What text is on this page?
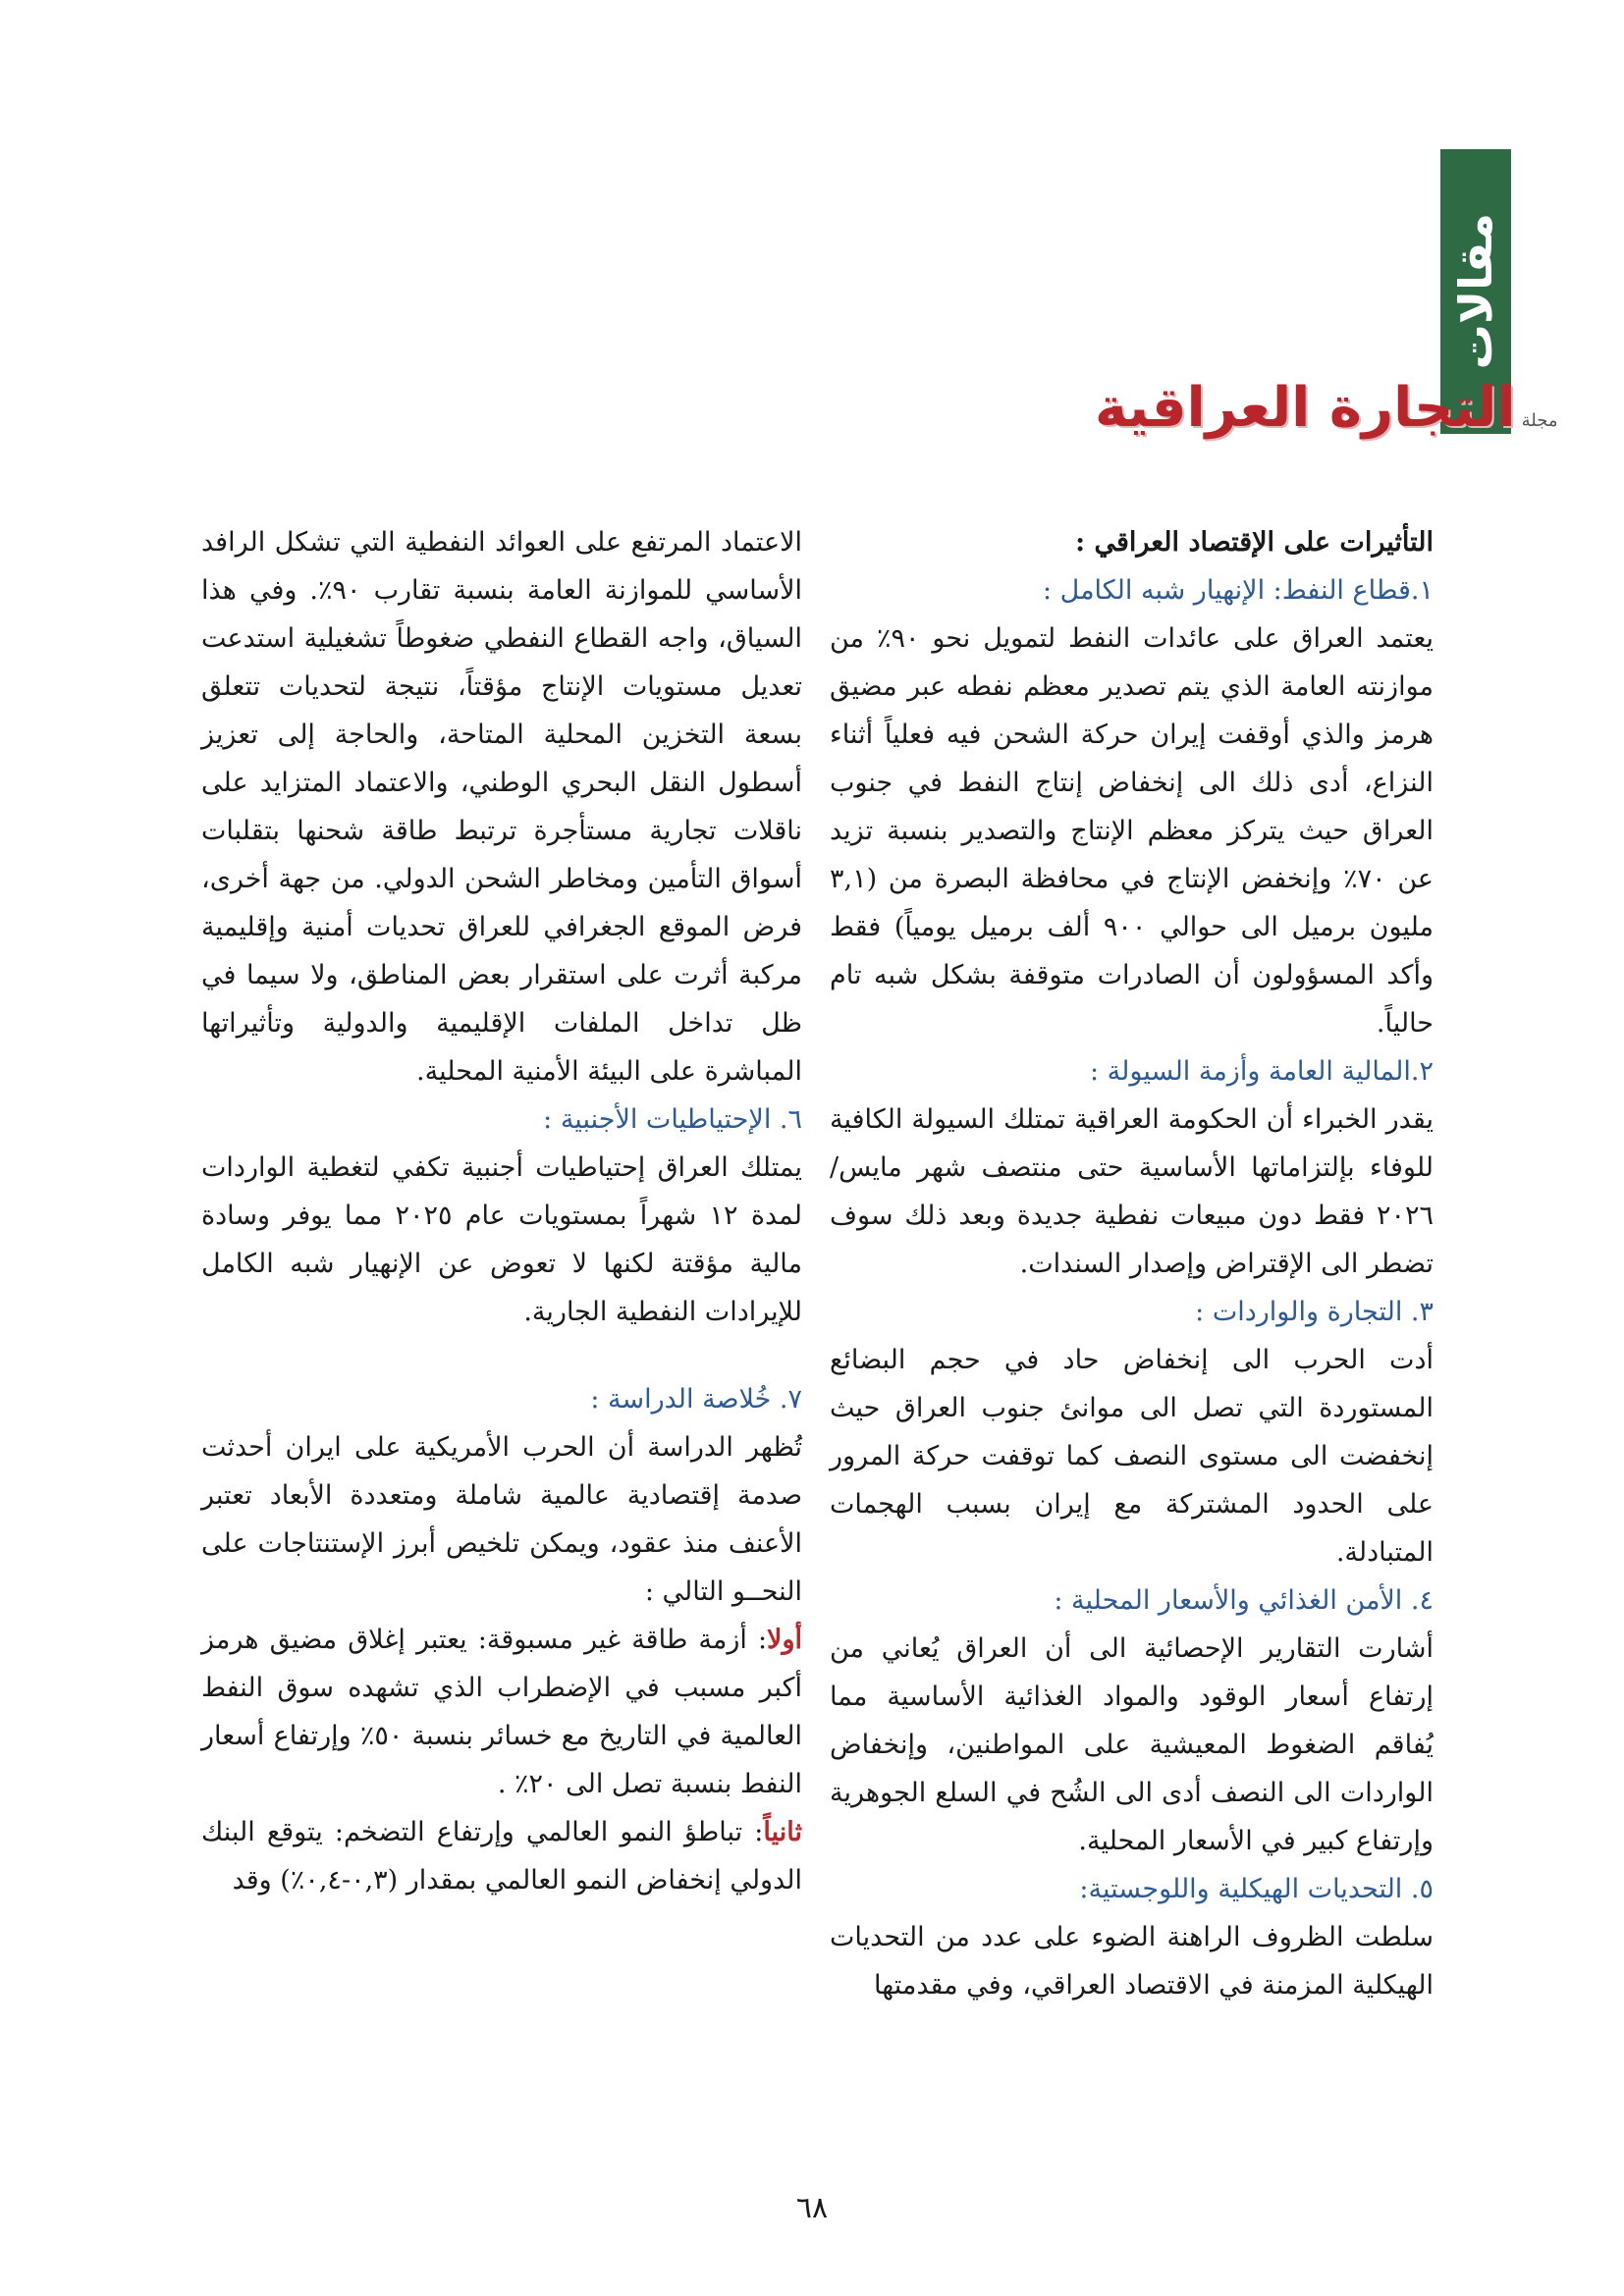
مقالات
مجلة
التجارة العراقية

التأثيرات على الإقتصاد العراقي :

١.قطاع النفط: الإنهيار شبه الكامل :

يعتمد العراق على عائدات النفط لتمويل نحو ٩٠٪ من موازنته العامة الذي يتم تصدير معظم نفطه عبر مضيق هرمز والذي أوقفت إيران حركة الشحن فيه فعلياً أثناء النزاع، أدى ذلك الى إنخفاض إنتاج النفط في جنوب العراق حيث يتركز معظم الإنتاج والتصدير بنسبة تزيد عن ٧٠٪ وإنخفض الإنتاج في محافظة البصرة من (٣,١ مليون برميل الى حوالي ٩٠٠ ألف برميل يومياً) فقط وأكد المسؤولون أن الصادرات متوقفة بشكل شبه تام حالياً.

٢.المالية العامة وأزمة السيولة :

يقدر الخبراء أن الحكومة العراقية تمتلك السيولة الكافية للوفاء بإلتزاماتها الأساسية حتى منتصف شهر مايس/٢٠٢٦ فقط دون مبيعات نفطية جديدة وبعد ذلك سوف تضطر الى الإقتراض وإصدار السندات.

٣. التجارة والواردات :

أدت الحرب الى إنخفاض حاد في حجم البضائع المستوردة التي تصل الى موانئ جنوب العراق حيث إنخفضت الى مستوى النصف كما توقفت حركة المرور على الحدود المشتركة مع إيران بسبب الهجمات المتبادلة.

٤. الأمن الغذائي والأسعار المحلية :

أشارت التقارير الإحصائية الى أن العراق يُعاني من إرتفاع أسعار الوقود والمواد الغذائية الأساسية مما يُفاقم الضغوط المعيشية على المواطنين، وإنخفاض الواردات الى النصف أدى الى الشُح في السلع الجوهرية وإرتفاع كبير في الأسعار المحلية.

٥. التحديات الهيكلية واللوجستية:

سلطت الظروف الراهنة الضوء على عدد من التحديات الهيكلية المزمنة في الاقتصاد العراقي، وفي مقدمتها

الاعتماد المرتفع على العوائد النفطية التي تشكل الرافد الأساسي للموازنة العامة بنسبة تقارب ٩٠٪. وفي هذا السياق، واجه القطاع النفطي ضغوطاً تشغيلية استدعت تعديل مستويات الإنتاج مؤقتاً، نتيجة لتحديات تتعلق بسعة التخزين المحلية المتاحة، والحاجة إلى تعزيز أسطول النقل البحري الوطني، والاعتماد المتزايد على ناقلات تجارية مستأجرة ترتبط طاقة شحنها بتقلبات أسواق التأمين ومخاطر الشحن الدولي. من جهة أخرى، فرض الموقع الجغرافي للعراق تحديات أمنية وإقليمية مركبة أثرت على استقرار بعض المناطق، ولا سيما في ظل تداخل الملفات الإقليمية والدولية وتأثيراتها المباشرة على البيئة الأمنية المحلية.

٦. الإحتياطيات الأجنبية :

يمتلك العراق إحتياطيات أجنبية تكفي لتغطية الواردات لمدة ١٢ شهراً بمستويات عام ٢٠٢٥ مما يوفر وسادة مالية مؤقتة لكنها لا تعوض عن الإنهيار شبه الكامل للإيرادات النفطية الجارية.

٧. خُلاصة الدراسة :

تُظهر الدراسة أن الحرب الأمريكية على ايران أحدثت صدمة إقتصادية عالمية شاملة ومتعددة الأبعاد تعتبر الأعنف منذ عقود، ويمكن تلخيص أبرز الإستنتاجات على النحــو التالي :

أولا: أزمة طاقة غير مسبوقة: يعتبر إغلاق مضيق هرمز أكبر مسبب في الإضطراب الذي تشهده سوق النفط العالمية في التاريخ مع خسائر بنسبة ٥٠٪ وإرتفاع أسعار النفط بنسبة تصل الى ٢٠٪ .

ثانياً: تباطؤ النمو العالمي وإرتفاع التضخم: يتوقع البنك الدولي إنخفاض النمو العالمي بمقدار (٠,٣-٠,٤٪) وقد

٦٨
